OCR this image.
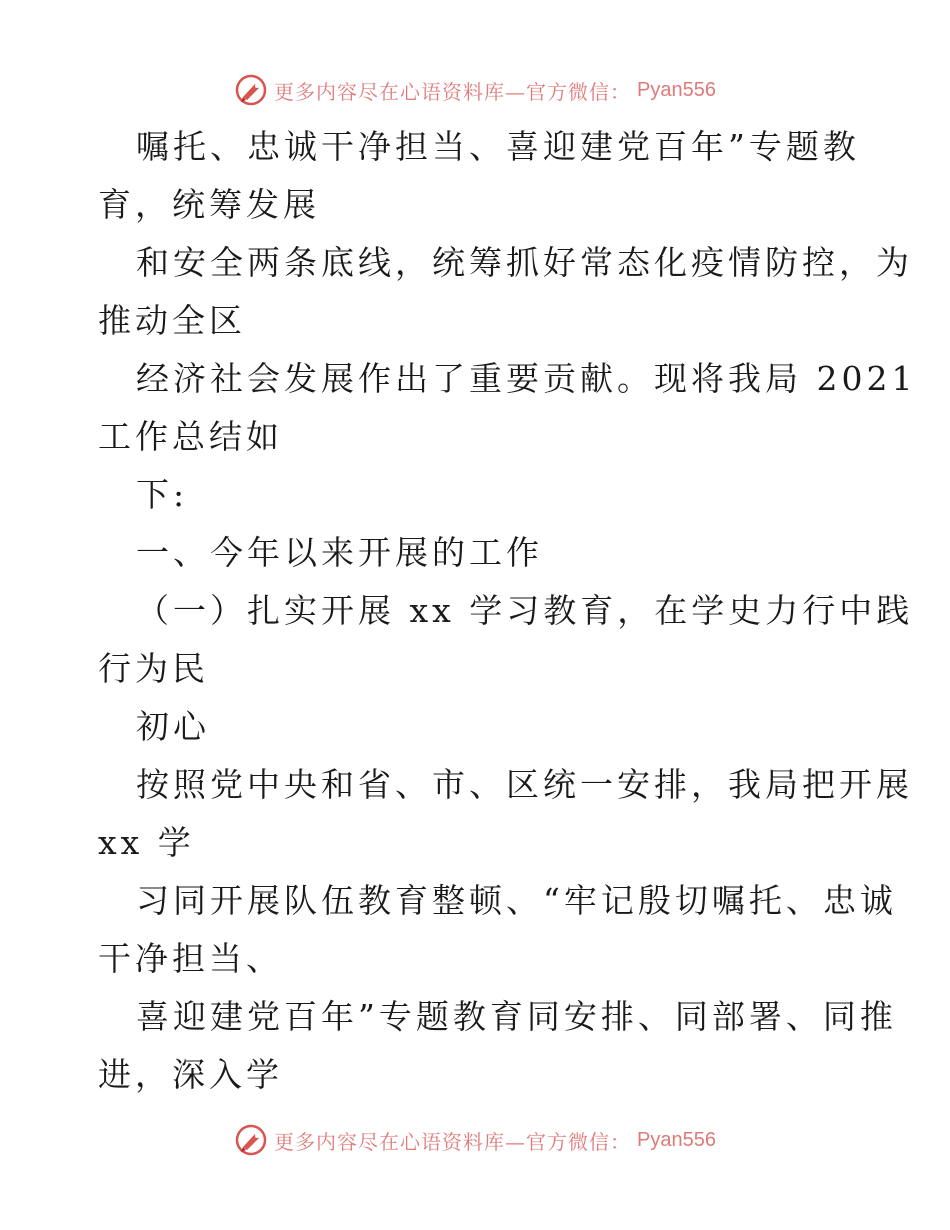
更多内容尽在心语资料库—官方微信： Pyan556
嘱托、忠诚干净担当、喜迎建党百年”专题教
育，统筹发展
和安全两条底线，统筹抓好常态化疫情防控，为
推动全区
经济社会发展作出了重要贡献。现将我局 2021
工作总结如
下:
一、今年以来开展的工作
（一）扎实开展 xx 学习教育，在学史力行中践
行为民
初心
按照党中央和省、市、区统一安排，我局把开展
xx 学
习同开展队伍教育整顿、“牢记殷切嘱托、忠诚
干净担当、
喜迎建党百年”专题教育同安排、同部署、同推
进，深入学
更多内容尽在心语资料库—官方微信： Pyan556
